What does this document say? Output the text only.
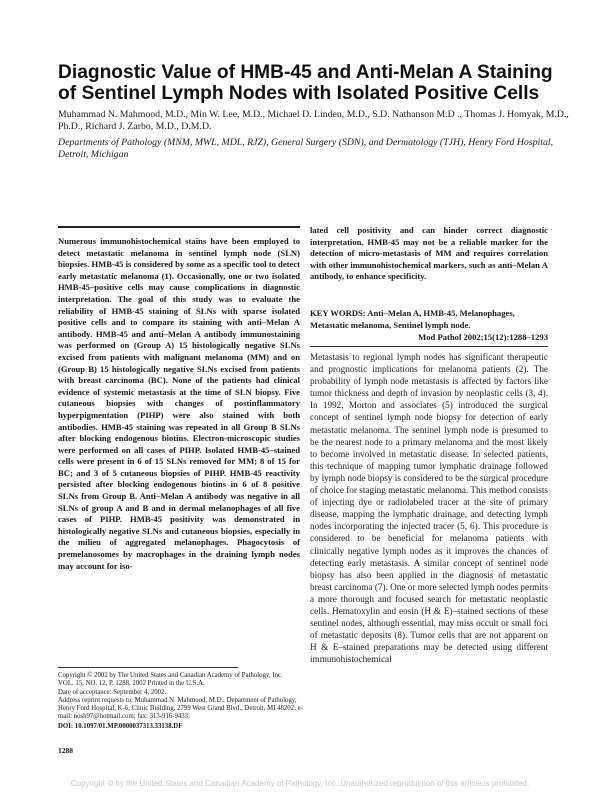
Diagnostic Value of HMB-45 and Anti-Melan A Staining of Sentinel Lymph Nodes with Isolated Positive Cells

Muhammad N. Mahmood, M.D., Min W. Lee, M.D., Michael D. Linden, M.D., S.D. Nathanson M.D ., Thomas J. Homyak, M.D., Ph.D., Richard J. Zarbo, M.D., D.M.D.

Departments of Pathology (MNM, MWL, MDL, RJZ), General Surgery (SDN), and Dermatology (TJH), Henry Ford Hospital, Detroit, Michigan

Numerous immunohistochemical stains have been employed to detect metastatic melanoma in sentinel lymph node (SLN) biopsies. HMB-45 is considered by some as a specific tool to detect early metastatic melanoma (1). Occasionally, one or two isolated HMB-45–positive cells may cause complications in diagnostic interpretation. The goal of this study was to evaluate the reliability of HMB-45 staining of SLNs with sparse isolated positive cells and to compare its staining with anti–Melan A antibody. HMB-45 and anti–Melan A antibody immunostaining was performed on (Group A) 15 histologically negative SLNs excised from patients with malignant melanoma (MM) and on (Group B) 15 histologically negative SLNs excised from patients with breast carcinoma (BC). None of the patients had clinical evidence of systemic metastasis at the time of SLN biopsy. Five cutaneous biopsies with changes of postinflammatory hyperpigmentation (PIHP) were also stained with both antibodies. HMB-45 staining was repeated in all Group B SLNs after blocking endogenous biotins. Electron-microscopic studies were performed on all cases of PIHP. Isolated HMB-45–stained cells were present in 6 of 15 SLNs removed for MM; 8 of 15 for BC; and 3 of 5 cutaneous biopsies of PIHP. HMB-45 reactivity persisted after blocking endogenous biotins in 6 of 8 positive SLNs from Group B. Anti–Melan A antibody was negative in all SLNs of group A and B and in dermal melanophages of all five cases of PIHP. HMB-45 positivity was demonstrated in histologically negative SLNs and cutaneous biopsies, especially in the milieu of aggregated melanophages. Phagocytosis of premelanosomes by macrophages in the draining lymph nodes may account for iso-

lated cell positivity and can hinder correct diagnostic interpretation. HMB-45 may not be a reliable marker for the detection of micro-metastasis of MM and requires correlation with other immunohistochemical markers, such as anti–Melan A antibody, to enhance specificity.

KEY WORDS: Anti–Melan A, HMB-45, Melanophages, Metastatic melanoma, Sentinel lymph node.

Mod Pathol 2002;15(12):1288–1293

Metastasis to regional lymph nodes has significant therapeutic and prognostic implications for melanoma patients (2). The probability of lymph node metastasis is affected by factors like tumor thickness and depth of invasion by neoplastic cells (3, 4). In 1992, Morton and associates (5) introduced the surgical concept of sentinel lymph node biopsy for detection of early metastatic melanoma. The sentinel lymph node is presumed to be the nearest node to a primary melanoma and the most likely to become involved in metastatic disease. In selected patients, this technique of mapping tumor lymphatic drainage followed by lymph node biopsy is considered to be the surgical procedure of choice for staging metastatic melanoma. This method consists of injecting dye or radiolabeled tracer at the site of primary disease, mapping the lymphatic drainage, and detecting lymph nodes incorporating the injected tracer (5, 6). This procedure is considered to be beneficial for melanoma patients with clinically negative lymph nodes as it improves the chances of detecting early metastasis. A similar concept of sentinel node biopsy has also been applied in the diagnosis of metastatic breast carcinoma (7). One or more selected lymph nodes permits a more thorough and focused search for metastatic neoplastic cells. Hematoxylin and eosin (H & E)–stained sections of these sentinel nodes, although essential, may miss occult or small foci of metastatic deposits (8). Tumor cells that are not apparent on H & E–stained preparations may be detected using different immunohistochemical

Copyright © 2002 by The United States and Canadian Academy of Pathology, Inc.

VOL. 15, NO. 12, P. 1288, 2002 Printed in the U.S.A.

Date of acceptance: September 4, 2002.

Address reprint requests to: Muhammad N. Mahmood, M.D., Department of Pathology, Henry Ford Hospital, K-6, Clinic Building, 2799 West Grand Blvd., Detroit, MI 48202; e-mail: nosh97@hotmail.com; fax: 313-916-9433.

DOI: 10.1097/01.MP.0000037313.33138.DF

1288

Copyright © by the United States and Canadian Academy of Pathology, Inc. Unauthorized reproduction of this article is prohibited.
